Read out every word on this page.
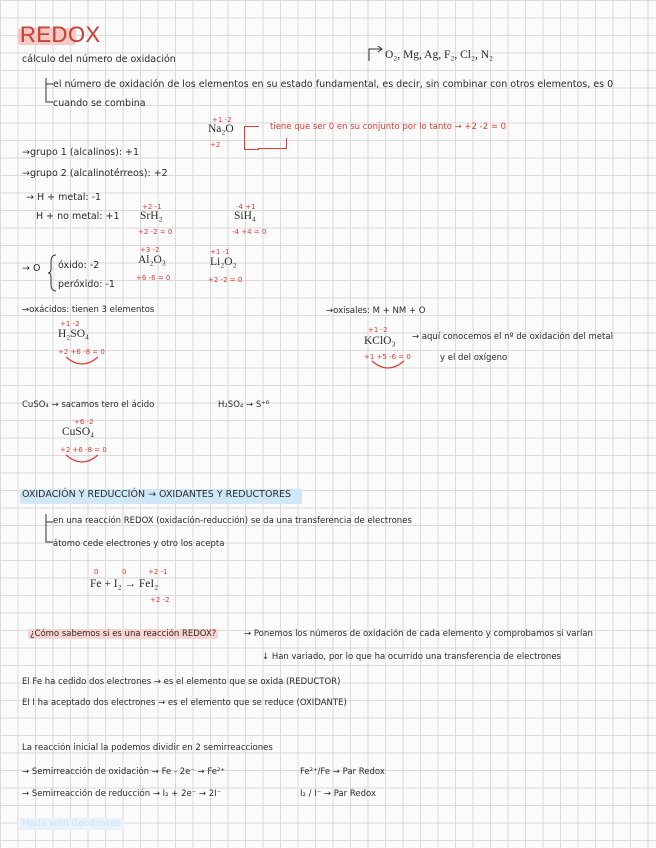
REDOX
cálculo del número de oxidación	O₂, Mg, Ag, F₂, Cl₂, N₂
el número de oxidación de los elementos en su estado fundamental, es decir, sin combinar con otros elementos, es 0
cuando se combina
+1 -2
Na₂O
+2
tiene que ser 0 en su conjunto por lo tanto → +2 -2 = 0
→grupo 1 (alcalinos): +1
→grupo 2 (alcalinotérreos): +2
→ H + metal: -1
H + no metal: +1
+2 -1
SrH₂
+2 -2 = 0
-4 +1
SiH₄
-4 +4 = 0
→ O óxido: -2
peróxido: -1
+3 -2
Al₂O₃
+6 -6 = 0
+1 -1
Li₂O₂
+2 -2 = 0
→oxácidos: tienen 3 elementos
+1 -2
H₂SO₄
+2 +6 -8 = 0
→oxisales: M + NM + O
+1 -2
KClO₃
+1 +5 -6 = 0
→ aquí conocemos el nº de oxidación del metal
y el del oxígeno
CuSO₄ → sacamos tero el ácido	H₂SO₄ → S⁺⁶
+6 -2
CuSO₄
+2 +6 -8 = 0
OXIDACIÓN Y REDUCCIÓN → OXIDANTES Y REDUCTORES
en una reacción REDOX (oxidación-reducción) se da una transferencia de electrones
átomo cede electrones y otro los acepta
0	0	+2 -1
Fe + I₂ → FeI₂
+2 -2
¿Cómo sabemos si es una reacción REDOX?	→ Ponemos los números de oxidación de cada elemento y comprobamos si varían
↓ Han variado, por lo que ha ocurrido una transferencia de electrones
El Fe ha cedido dos electrones → es el elemento que se oxida (REDUCTOR)
El I ha aceptado dos electrones → es el elemento que se reduce (OXIDANTE)
La reacción inicial la podemos dividir en 2 semirreacciones
→ Semirreacción de oxidación → Fe - 2e⁻ → Fe²⁺
→ Semirreacción de reducción → I₂ + 2e⁻ → 2I⁻
Fe²⁺/Fe → Par Redox
I₂ / I⁻ → Par Redox
Made with Goodnotes
